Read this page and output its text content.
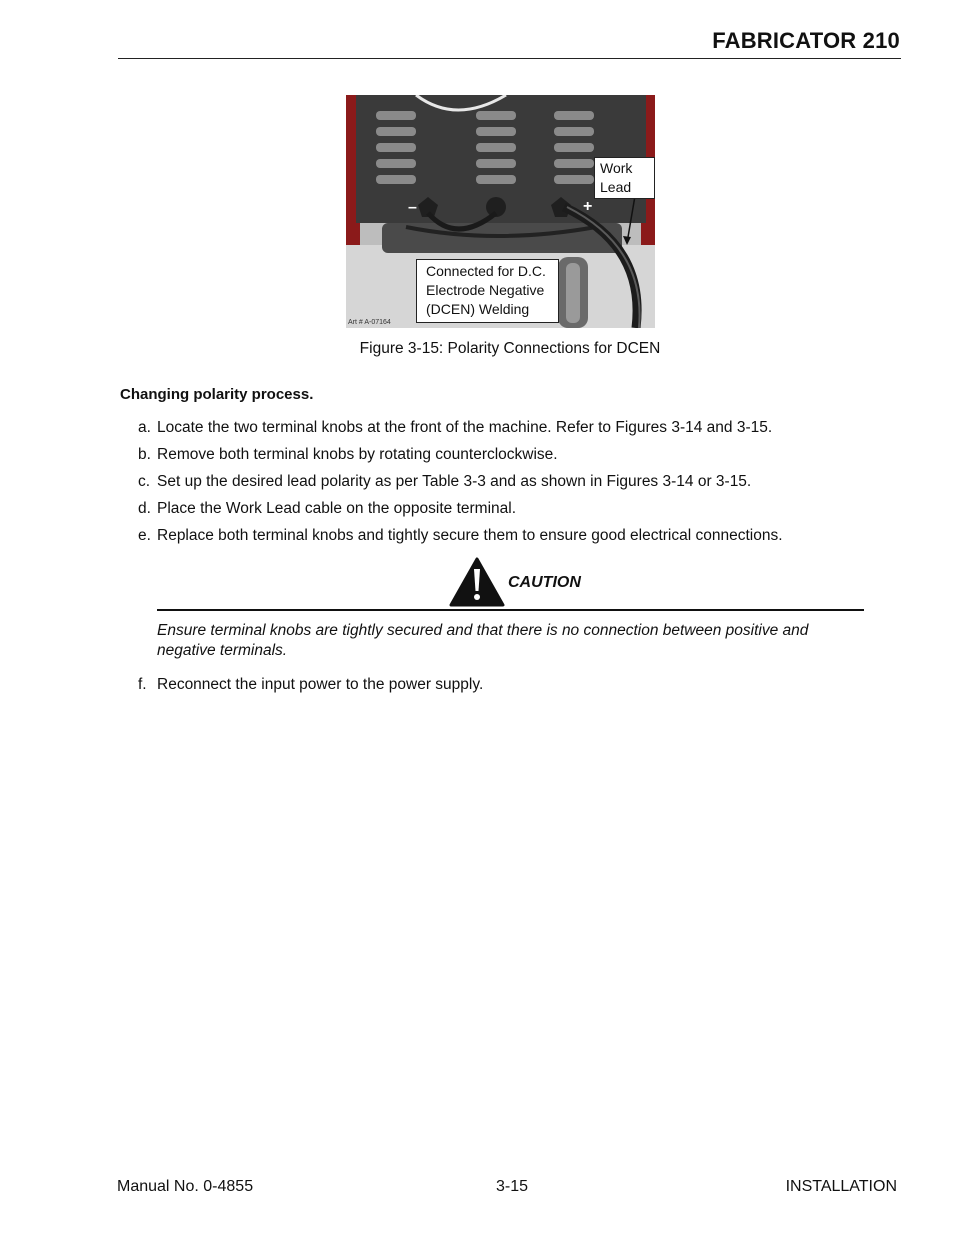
FABRICATOR 210
–	+
Art # A-07164
Work Lead
Connected for D.C. Electrode Negative (DCEN) Welding
Figure 3-15: Polarity Connections for DCEN
Changing polarity process.
a. Locate the two terminal knobs at the front of the machine. Refer to Figures 3-14 and 3-15.
b. Remove both terminal knobs by rotating counterclockwise.
c. Set up the desired lead polarity as per Table 3-3 and as shown in Figures 3-14 or 3-15.
d. Place the Work Lead cable on the opposite terminal.
e. Replace both terminal knobs and tightly secure them to ensure good electrical connections.
CAUTION
Ensure terminal knobs are tightly secured and that there is no connection between positive and negative terminals.
f. Reconnect the input power to the power supply.
Manual No. 0-4855	3-15	INSTALLATION
